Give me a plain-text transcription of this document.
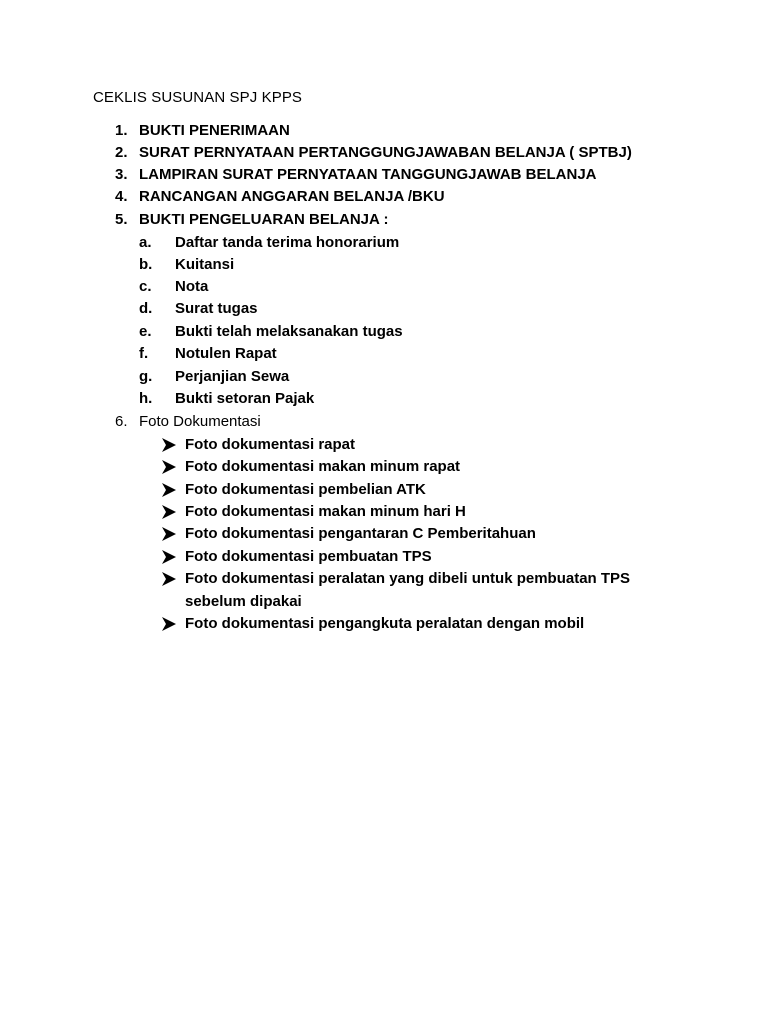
CEKLIS SUSUNAN SPJ KPPS
1. BUKTI PENERIMAAN
2. SURAT PERNYATAAN PERTANGGUNGJAWABAN BELANJA ( SPTBJ)
3. LAMPIRAN SURAT PERNYATAAN TANGGUNGJAWAB BELANJA
4. RANCANGAN ANGGARAN BELANJA /BKU
5. BUKTI PENGELUARAN BELANJA :
a. Daftar tanda terima honorarium
b. Kuitansi
c. Nota
d. Surat tugas
e. Bukti telah melaksanakan tugas
f. Notulen Rapat
g. Perjanjian Sewa
h. Bukti setoran Pajak
6. Foto Dokumentasi
Foto dokumentasi rapat
Foto dokumentasi makan minum rapat
Foto dokumentasi pembelian ATK
Foto dokumentasi makan minum hari H
Foto dokumentasi pengantaran C Pemberitahuan
Foto dokumentasi pembuatan TPS
Foto dokumentasi peralatan yang dibeli untuk pembuatan TPS
sebelum dipakai
Foto dokumentasi pengangkuta peralatan dengan mobil
